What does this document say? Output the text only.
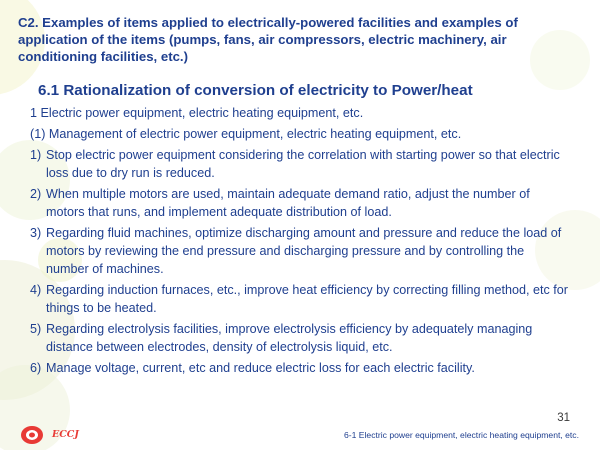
C2. Examples of items applied to electrically-powered facilities and examples of application of the items (pumps, fans, air compressors, electric machinery, air conditioning facilities, etc.)
6.1 Rationalization of conversion of electricity to Power/heat
1 Electric power equipment, electric heating equipment, etc.
(1) Management of electric power equipment, electric heating equipment, etc.
1) Stop electric power equipment considering the correlation with starting power so that electric loss due to dry run is reduced.
2) When multiple motors are used, maintain adequate demand ratio, adjust the number of motors that runs, and implement adequate distribution of load.
3) Regarding fluid machines, optimize discharging amount and pressure and reduce the load of motors by reviewing the end pressure and discharging pressure and by controlling the number of machines.
4) Regarding induction furnaces, etc., improve heat efficiency by correcting filling method, etc for things to be heated.
5) Regarding electrolysis facilities, improve electrolysis efficiency by adequately managing distance between electrodes, density of electrolysis liquid, etc.
6) Manage voltage, current, etc and reduce electric loss for each electric facility.
31
ECCJ	6-1 Electric power equipment, electric heating equipment, etc.
